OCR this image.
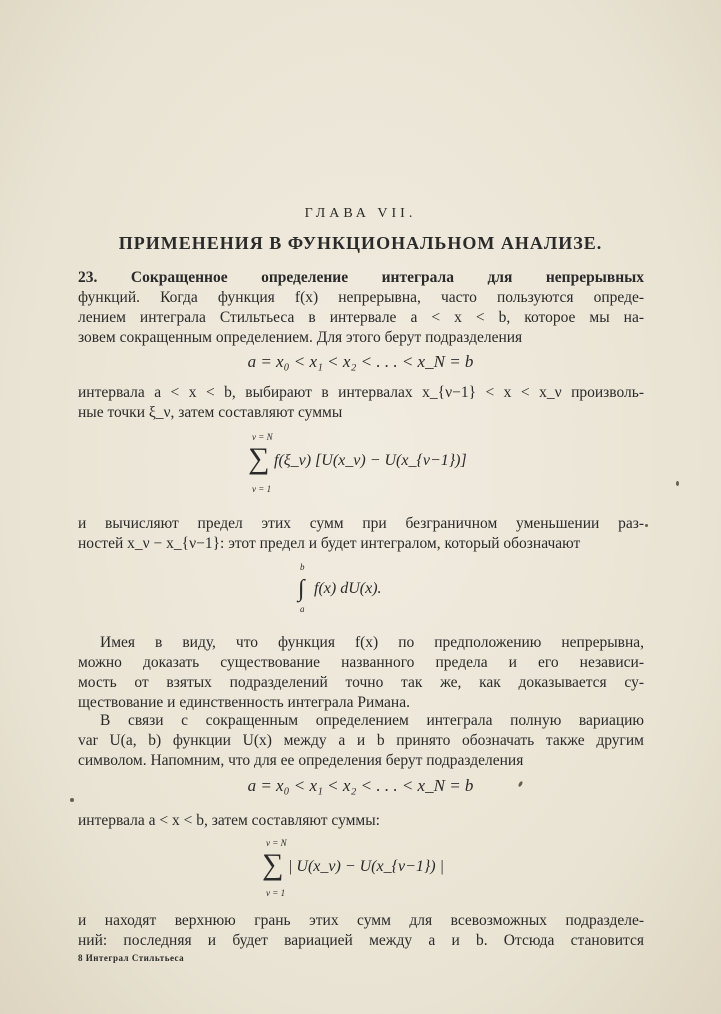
ГЛАВА VII.
ПРИМЕНЕНИЯ В ФУНКЦИОНАЛЬНОМ АНАЛИЗЕ.
23. Сокращенное определение интеграла для непрерывных
функций. Когда функция f(x) непрерывна, часто пользуются опреде-
лением интеграла Стильтьеса в интервале a < x < b, которое мы на-
зовем сокращенным определением. Для этого берут подразделения
a = x₀ < x₁ < x₂ < . . . < x_N = b
интервала a < x < b, выбирают в интервалах x_{ν−1} < x < x_ν произволь-
ные точки ξ_ν, затем составляют суммы
ν = N
∑ f(ξ_ν) [U(x_ν) − U(x_{ν−1})]
ν = 1
и вычисляют предел этих сумм при безграничном уменьшении раз-
ностей x_ν − x_{ν−1}: этот предел и будет интегралом, который обозначают
b
∫ f(x) dU(x).
a
Имея в виду, что функция f(x) по предположению непрерывна,
можно доказать существование названного предела и его независи-
мость от взятых подразделений точно так же, как доказывается су-
ществование и единственность интеграла Римана.
В связи с сокращенным определением интеграла полную вариацию
var U(a, b) функции U(x) между a и b принято обозначать также другим
символом. Напомним, что для ее определения берут подразделения
a = x₀ < x₁ < x₂ < . . . < x_N = b
интервала a < x < b, затем составляют суммы:
ν = N
∑ | U(x_ν) − U(x_{ν−1}) |
ν = 1
и находят верхнюю грань этих сумм для всевозможных подразделе-
ний: последняя и будет вариацией между a и b. Отсюда становится
8 Интеграл Стильтьеса
